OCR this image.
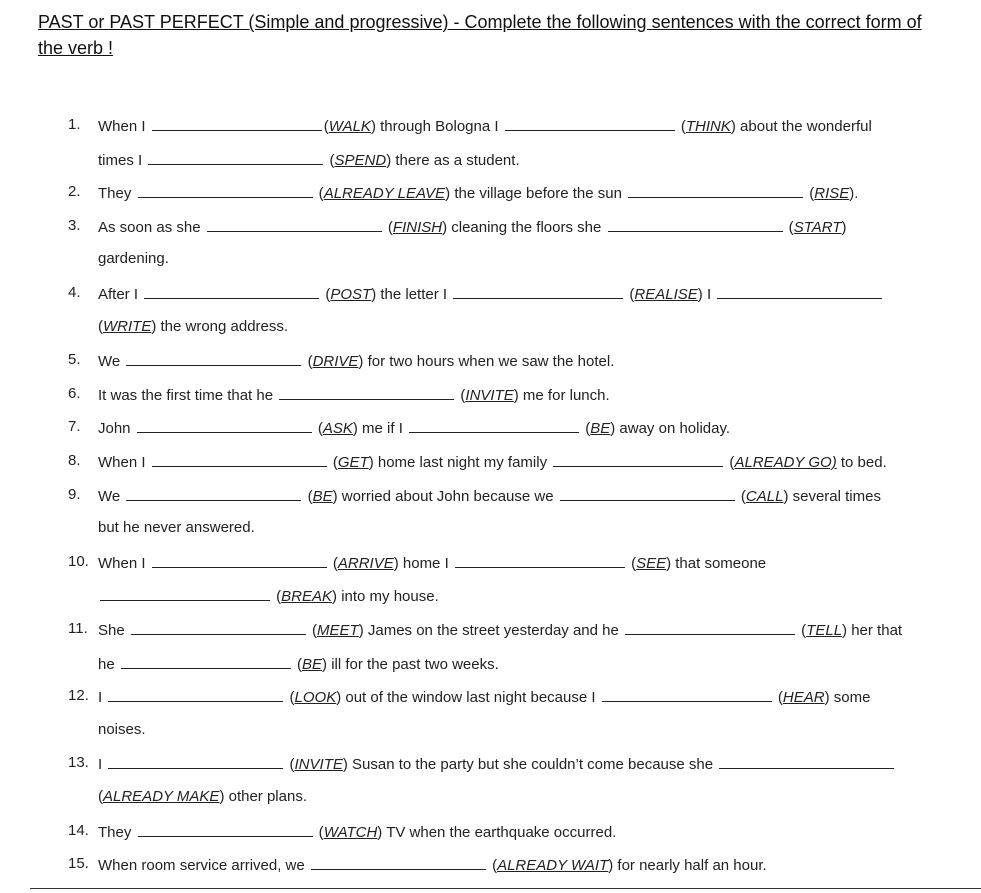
PAST or PAST PERFECT (Simple and progressive) - Complete the following sentences with the correct form of the verb !
1. When I	(WALK) through Bologna I	(THINK) about the wonderful
times I	(SPEND) there as a student.
2. They	(ALREADY LEAVE) the village before the sun	(RISE).
3. As soon as she	(FINISH) cleaning the floors she	(START)
gardening.
4. After I	(POST) the letter I	(REALISE) I
(WRITE) the wrong address.
5. We	(DRIVE) for two hours when we saw the hotel.
6. It was the first time that he	(INVITE) me for lunch.
7. John	(ASK) me if I	(BE) away on holiday.
8. When I	(GET) home last night my family	(ALREADY GO) to bed.
9. We	(BE) worried about John because we	(CALL) several times
but he never answered.
10. When I	(ARRIVE) home I	(SEE) that someone
(BREAK) into my house.
11. She	(MEET) James on the street yesterday and he	(TELL) her that
he	(BE) ill for the past two weeks.
12. I	(LOOK) out of the window last night because I	(HEAR) some
noises.
13. I	(INVITE) Susan to the party but she couldn’t come because she
(ALREADY MAKE) other plans.
14. They	(WATCH) TV when the earthquake occurred.
15. When room service arrived, we	(ALREADY WAIT) for nearly half an hour.
